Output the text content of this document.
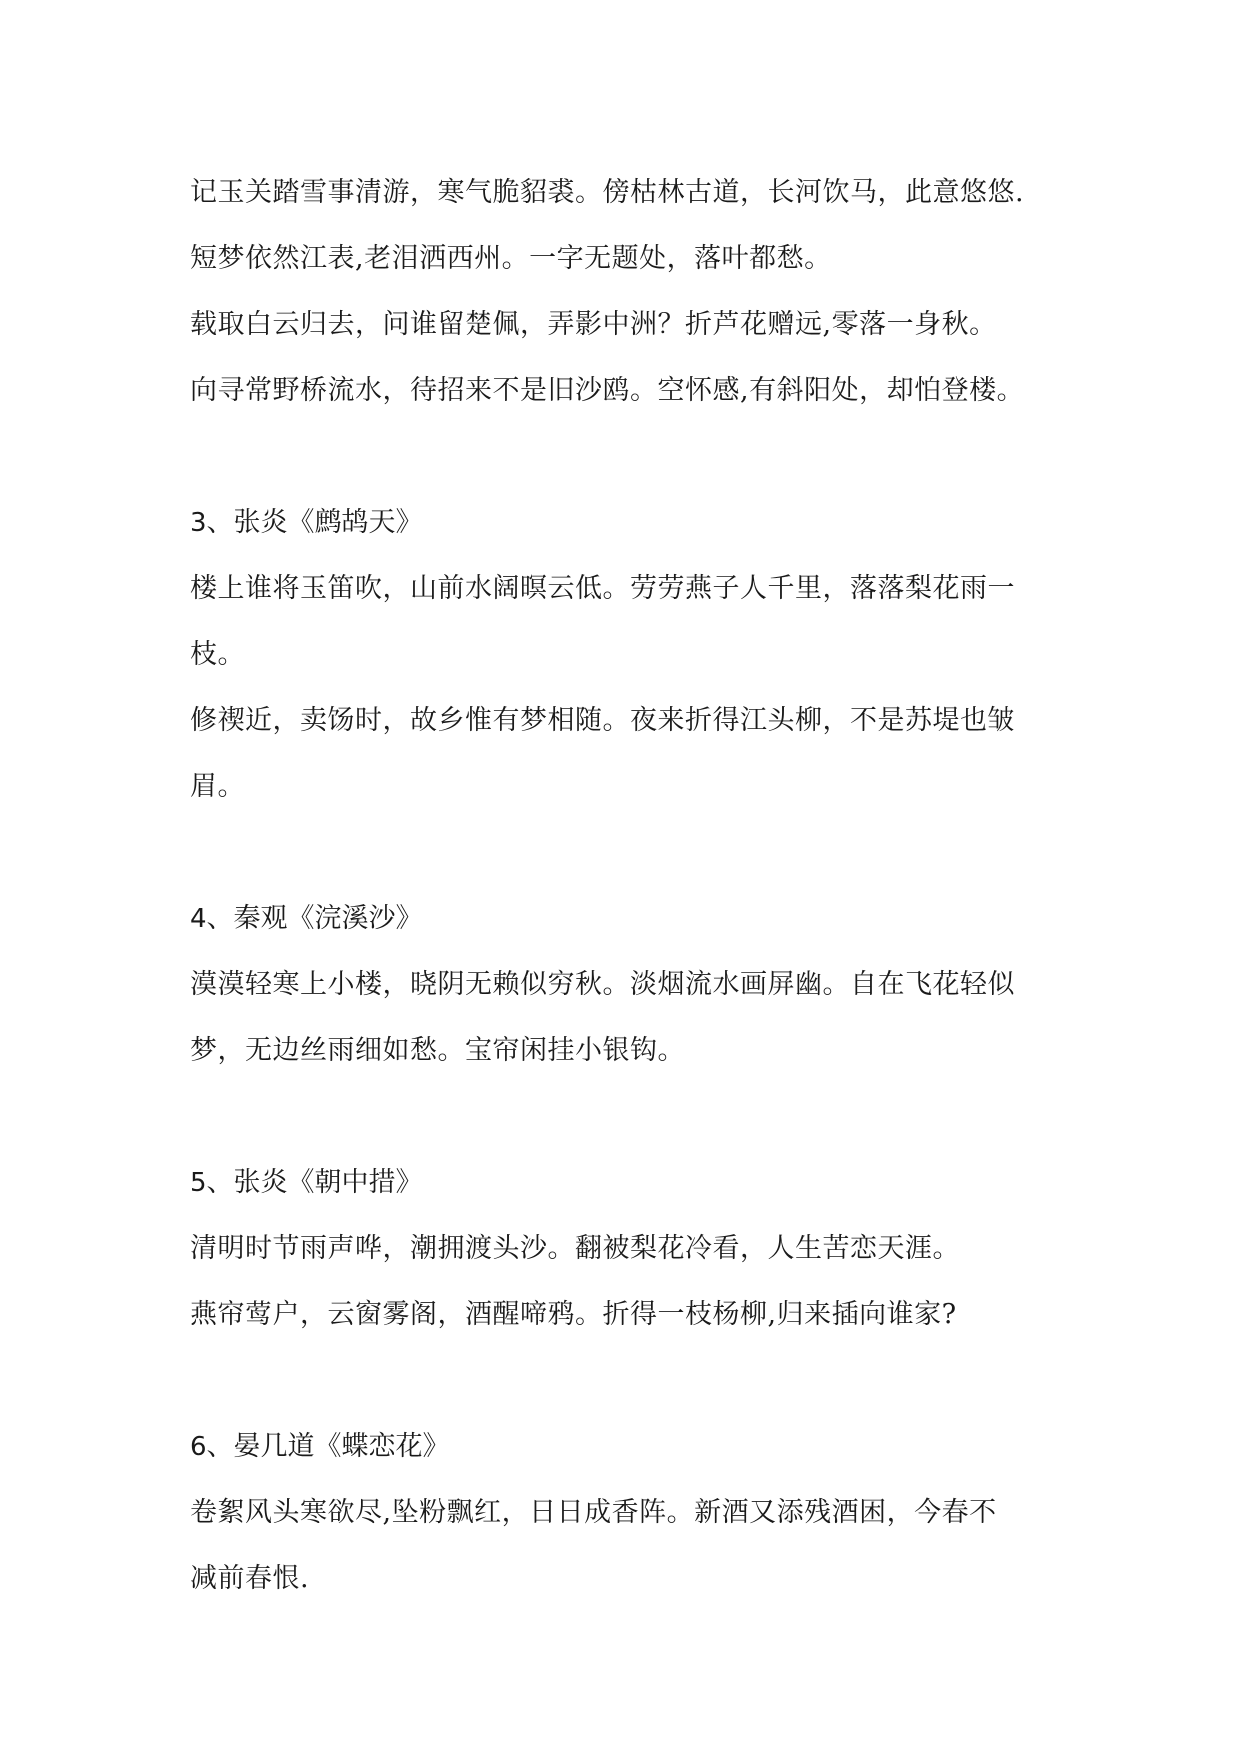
记玉关踏雪事清游，寒气脆貂裘。傍枯林古道，长河饮马，此意悠悠.
短梦依然江表,老泪洒西州。一字无题处，落叶都愁。
载取白云归去，问谁留楚佩，弄影中洲？折芦花赠远,零落一身秋。
向寻常野桥流水，待招来不是旧沙鸥。空怀感,有斜阳处，却怕登楼。
3、张炎《鹧鸪天》
楼上谁将玉笛吹，山前水阔暝云低。劳劳燕子人千里，落落梨花雨一
枝。
修禊近，卖饧时，故乡惟有梦相随。夜来折得江头柳，不是苏堤也皱
眉。
4、秦观《浣溪沙》
漠漠轻寒上小楼，晓阴无赖似穷秋。淡烟流水画屏幽。自在飞花轻似
梦，无边丝雨细如愁。宝帘闲挂小银钩。
5、张炎《朝中措》
清明时节雨声哗，潮拥渡头沙。翻被梨花冷看，人生苦恋天涯。
燕帘莺户，云窗雾阁，酒醒啼鸦。折得一枝杨柳,归来插向谁家?
6、晏几道《蝶恋花》
卷絮风头寒欲尽,坠粉飘红，日日成香阵。新酒又添残酒困，今春不
减前春恨.
